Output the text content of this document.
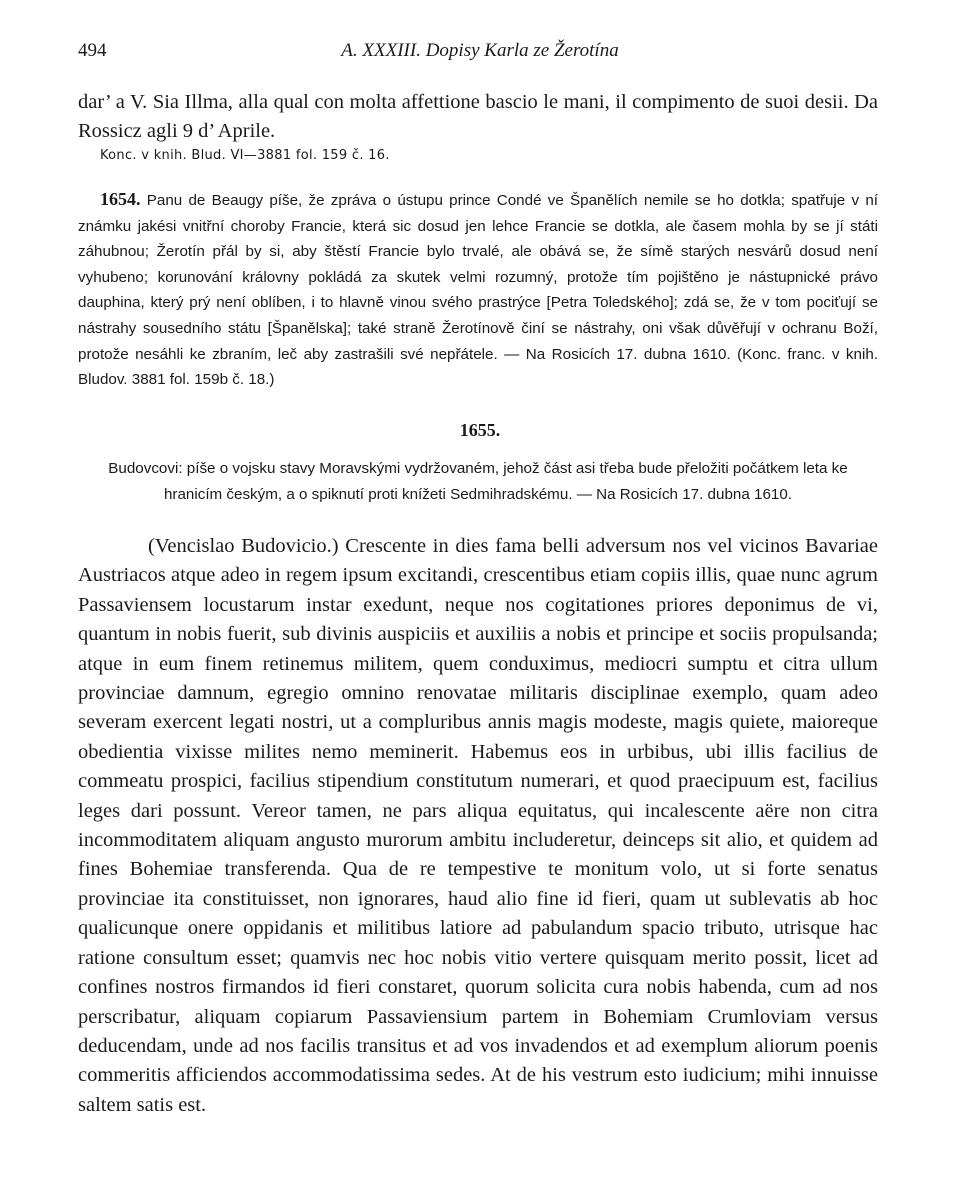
494	A. XXXIII. Dopisy Karla ze Žerotína
dar’ a V. Sia Illma, alla qual con molta affettione bascio le mani, il compimento de suoi desii. Da Rossicz agli 9 d’ Aprile.
Konc. v knih. Blud. VI—3881 fol. 159 č. 16.
1654. Panu de Beaugy píše, že zpráva o ústupu prince Condé ve Španělích nemile se ho dotkla; spatřuje v ní známku jakési vnitřní choroby Francie, která sic dosud jen lehce Francie se dotkla, ale časem mohla by se jí státi záhubnou; Žerotín přál by si, aby štěstí Francie bylo trvalé, ale obává se, že símě starých nesvárů dosud není vyhubeno; korunování královny pokládá za skutek velmi rozumný, protože tím pojištěno je nástupnické právo dauphina, který prý není oblíben, i to hlavně vinou svého prastrýce [Petra Toledského]; zdá se, že v tom pociťují se nástrahy sousedního státu [Španělska]; také straně Žerotínově činí se nástrahy, oni však důvěřují v ochranu Boží, protože nesáhli ke zbraním, leč aby zastrašili své nepřátele. — Na Rosicích 17. dubna 1610. (Konc. franc. v knih. Bludov. 3881 fol. 159b č. 18.)
1655.
Budovcovi: píše o vojsku stavy Moravskými vydržovaném, jehož část asi třeba bude přeložiti počátkem leta ke hranicím českým, a o spiknutí proti knížeti Sedmihradskému. — Na Rosicích 17. dubna 1610.
(Vencislao Budovicio.) Crescente in dies fama belli adversum nos vel vicinos Bavariae Austriacos atque adeo in regem ipsum excitandi, crescentibus etiam copiis illis, quae nunc agrum Passaviensem locustarum instar exedunt, neque nos cogitationes priores deponimus de vi, quantum in nobis fuerit, sub divinis auspiciis et auxiliis a nobis et principe et sociis propulsanda; atque in eum finem retinemus militem, quem conduximus, mediocri sumptu et citra ullum provinciae damnum, egregio omnino renovatae militaris disciplinae exemplo, quam adeo severam exercent legati nostri, ut a compluribus annis magis modeste, magis quiete, maioreque obedientia vixisse milites nemo meminerit. Habemus eos in urbibus, ubi illis facilius de commeatu prospici, facilius stipendium constitutum numerari, et quod praecipuum est, facilius leges dari possunt. Vereor tamen, ne pars aliqua equitatus, qui incalescente aëre non citra incommoditatem aliquam angusto murorum ambitu includeretur, deinceps sit alio, et quidem ad fines Bohemiae transferenda. Qua de re tempestive te monitum volo, ut si forte senatus provinciae ita constituisset, non ignorares, haud alio fine id fieri, quam ut sublevatis ab hoc qualicunque onere oppidanis et militibus latiore ad pabulandum spacio tributo, utrisque hac ratione consultum esset; quamvis nec hoc nobis vitio vertere quisquam merito possit, licet ad confines nostros firmandos id fieri constaret, quorum solicita cura nobis habenda, cum ad nos perscribatur, aliquam copiarum Passaviensium partem in Bohemiam Crumloviam versus deducendam, unde ad nos facilis transitus et ad vos invadendos et ad exemplum aliorum poenis commeritis afficiendos accommodatissima sedes. At de his vestrum esto iudicium; mihi innuisse saltem satis est.
